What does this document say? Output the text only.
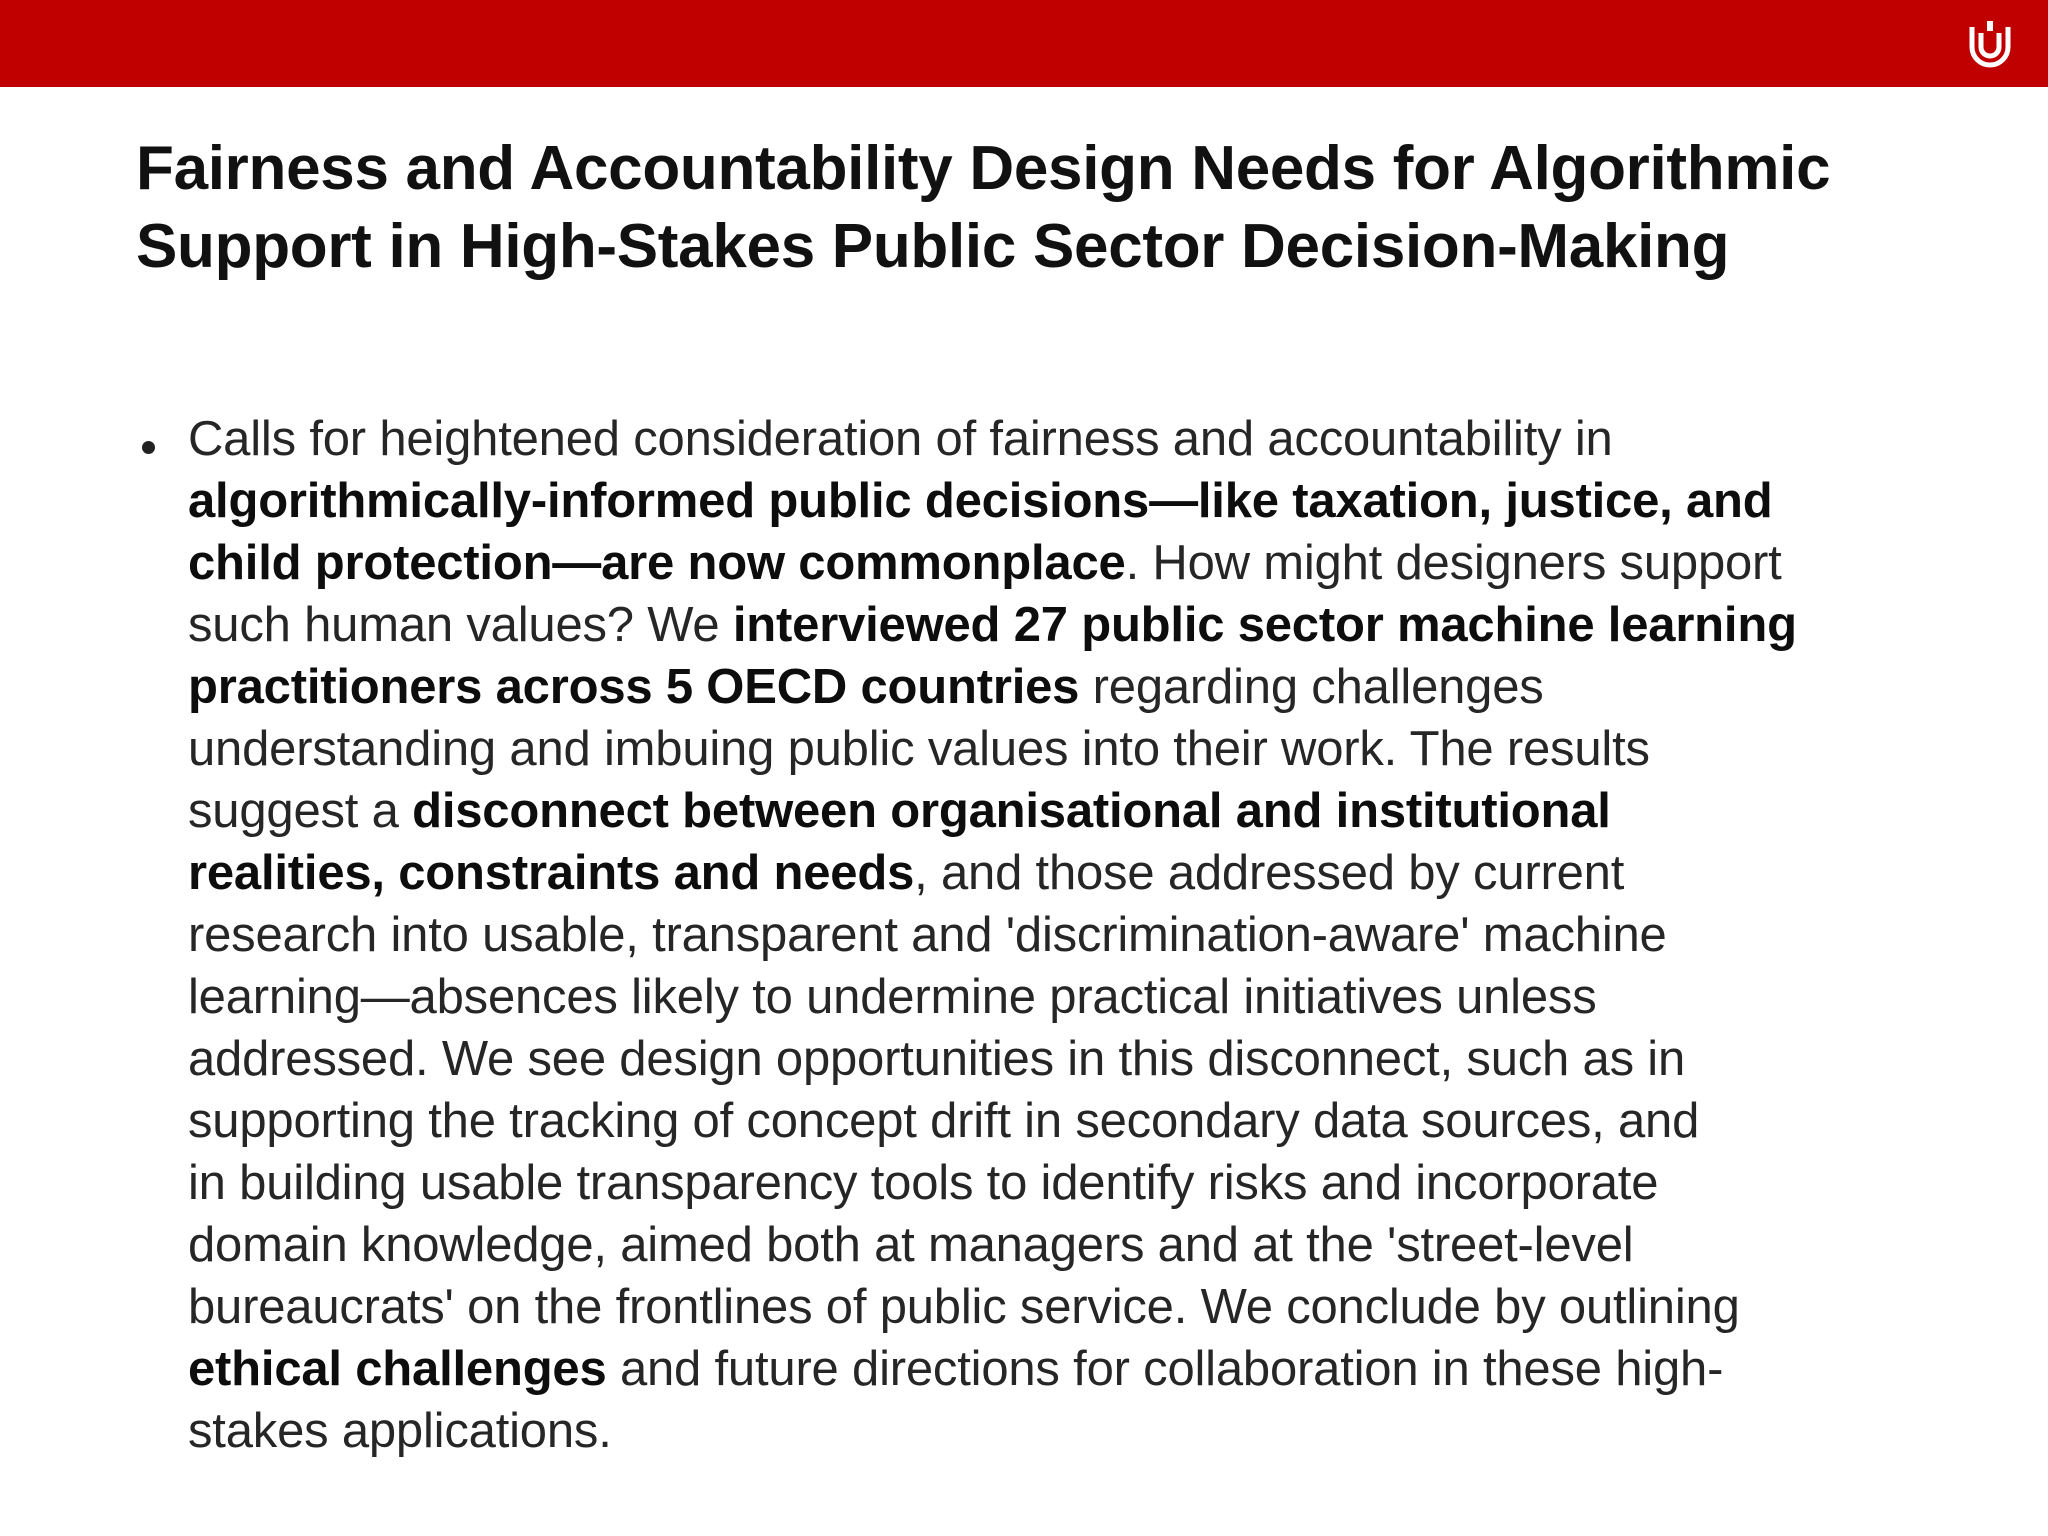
Fairness and Accountability Design Needs for Algorithmic
Support in High-Stakes Public Sector Decision-Making

Calls for heightened consideration of fairness and accountability in
algorithmically-informed public decisions—like taxation, justice, and
child protection—are now commonplace. How might designers support
such human values? We interviewed 27 public sector machine learning
practitioners across 5 OECD countries regarding challenges
understanding and imbuing public values into their work. The results
suggest a disconnect between organisational and institutional
realities, constraints and needs, and those addressed by current
research into usable, transparent and 'discrimination-aware' machine
learning—absences likely to undermine practical initiatives unless
addressed. We see design opportunities in this disconnect, such as in
supporting the tracking of concept drift in secondary data sources, and
in building usable transparency tools to identify risks and incorporate
domain knowledge, aimed both at managers and at the 'street-level
bureaucrats' on the frontlines of public service. We conclude by outlining
ethical challenges and future directions for collaboration in these high-
stakes applications.
